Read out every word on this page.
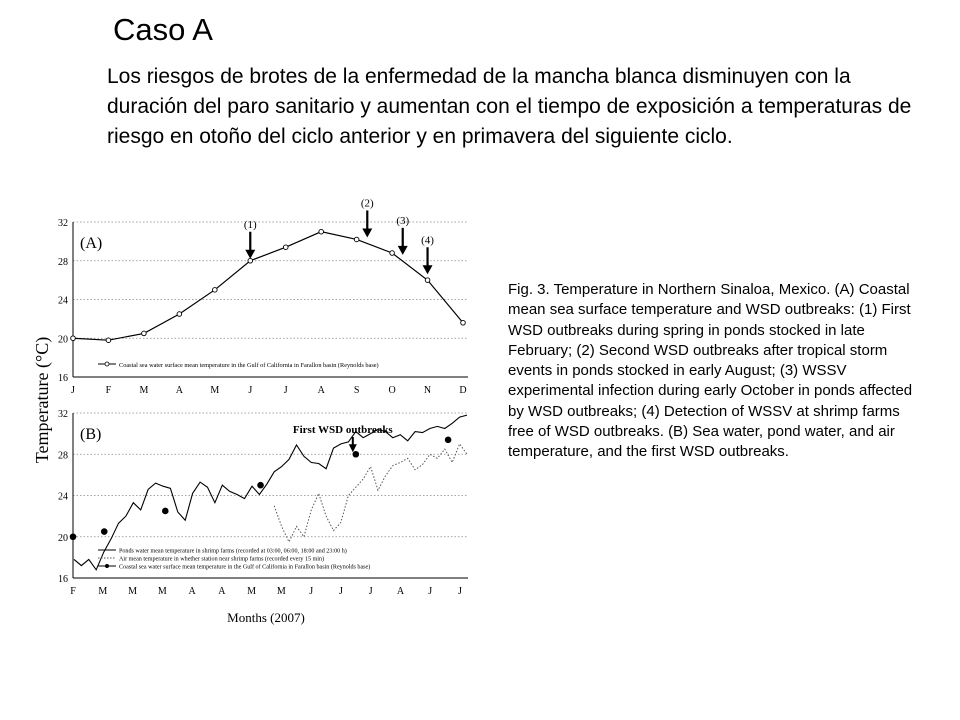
Caso A
Los riesgos de brotes de la enfermedad de la mancha blanca disminuyen con la duración del paro sanitario y aumentan con el tiempo de exposición a temperaturas de riesgo en otoño del ciclo anterior y en primavera del siguiente ciclo.
16
20
24
28
32
(A)
J	F	M	A	M	J	J	A	S	O	N	D
Coastal sea water surface mean temperature in the Gulf of California in Farallon basin (Reynolds base)
(1)
(2)
(3)
(4)
16
20
24
28
32
(B)
F M M M A A M M J	J	J A J	J
First WSD outbreaks
Ponds water mean temperature in shrimp farms (recorded at 03:00, 06:00, 18:00 and 23:00 h)
Air mean temperature in whether station near shrimp farms (recorded every 15 min)
Coastal sea water surface mean temperature in the Gulf of California in Farallon basin (Reynolds base)
Temperature (°C)
Months (2007)
Fig. 3. Temperature in Northern Sinaloa, Mexico. (A) Coastal mean sea surface temperature and WSD outbreaks: (1) First WSD outbreaks during spring in ponds stocked in late February; (2) Second WSD outbreaks after tropical storm events in ponds stocked in early August; (3) WSSV experimental infection during early October in ponds affected by WSD outbreaks; (4) Detection of WSSV at shrimp farms free of WSD outbreaks. (B) Sea water, pond water, and air temperature, and the first WSD outbreaks.
